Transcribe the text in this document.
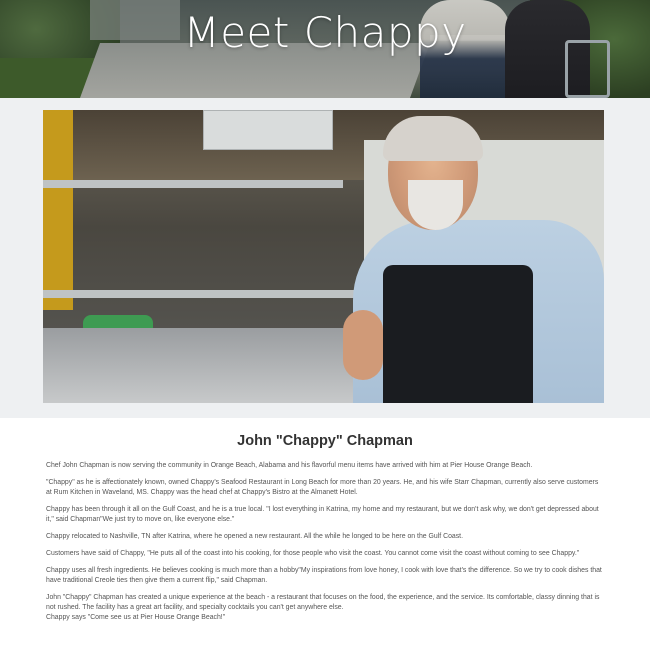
Meet Chappy
John "Chappy" Chapman

Chef John Chapman is now serving the community in Orange Beach, Alabama and his flavorful menu items have arrived with him at Pier House Orange Beach.

"Chappy" as he is affectionately known, owned Chappy's Seafood Restaurant in Long Beach for more than 20 years. He, and his wife Starr Chapman, currently also serve customers at Rum Kitchen in Waveland, MS. Chappy was the head chef at Chappy's Bistro at the Almanett Hotel.

Chappy has been through it all on the Gulf Coast, and he is a true local. "I lost everything in Katrina, my home and my restaurant, but we don't ask why, we don't get depressed about it," said Chapman"We just try to move on, like everyone else."

Chappy relocated to Nashville, TN after Katrina, where he opened a new restaurant. All the while he longed to be here on the Gulf Coast.

Customers have said of Chappy, "He puts all of the coast into his cooking, for those people who visit the coast. You cannot come visit the coast without coming to see Chappy."

Chappy uses all fresh ingredients. He believes cooking is much more than a hobby"My inspirations from love honey, I cook with love that's the difference. So we try to cook dishes that have traditional Creole ties then give them a current flip," said Chapman.

John "Chappy" Chapman has created a unique experience at the beach - a restaurant that focuses on the food, the experience, and the service. Its comfortable, classy dinning that is not rushed. The facility has a great art facility, and specialty cocktails you can't get anywhere else.

Chappy says "Come see us at Pier House Orange Beach!"
